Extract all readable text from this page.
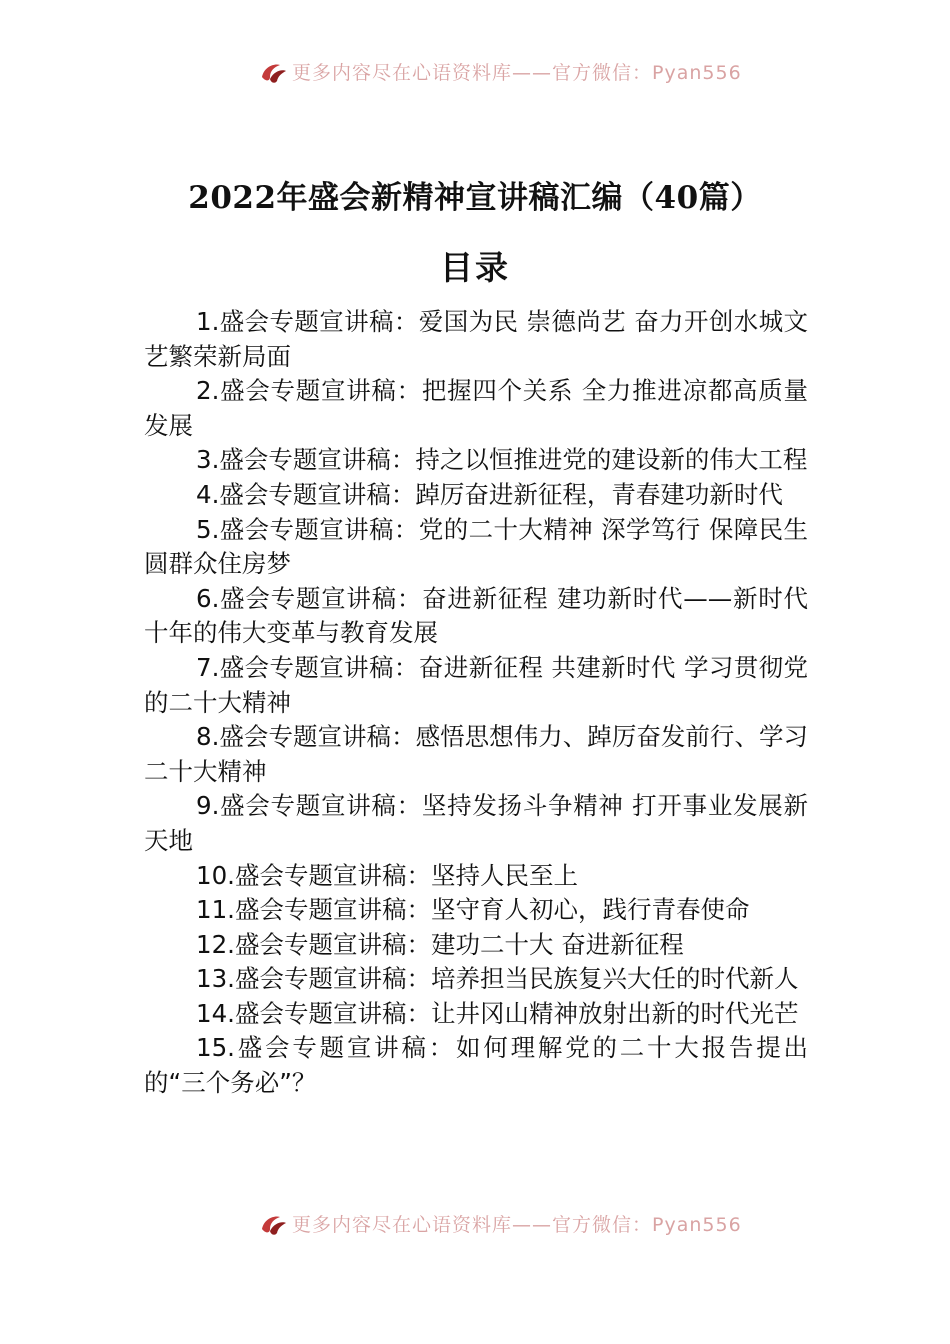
更多内容尽在心语资料库——官方微信：Pyan556
2022年盛会新精神宣讲稿汇编（40篇）
目录
1.盛会专题宣讲稿：爱国为民 崇德尚艺 奋力开创水城文艺繁荣新局面
2.盛会专题宣讲稿：把握四个关系 全力推进凉都高质量发展
3.盛会专题宣讲稿：持之以恒推进党的建设新的伟大工程
4.盛会专题宣讲稿：踔厉奋进新征程，青春建功新时代
5.盛会专题宣讲稿：党的二十大精神 深学笃行 保障民生 圆群众住房梦
6.盛会专题宣讲稿：奋进新征程 建功新时代——新时代十年的伟大变革与教育发展
7.盛会专题宣讲稿：奋进新征程 共建新时代 学习贯彻党的二十大精神
8.盛会专题宣讲稿：感悟思想伟力、踔厉奋发前行、学习二十大精神
9.盛会专题宣讲稿：坚持发扬斗争精神 打开事业发展新天地
10.盛会专题宣讲稿：坚持人民至上
11.盛会专题宣讲稿：坚守育人初心，践行青春使命
12.盛会专题宣讲稿：建功二十大 奋进新征程
13.盛会专题宣讲稿：培养担当民族复兴大任的时代新人
14.盛会专题宣讲稿：让井冈山精神放射出新的时代光芒
15.盛会专题宣讲稿：如何理解党的二十大报告提出的“三个务必”？
更多内容尽在心语资料库——官方微信：Pyan556
